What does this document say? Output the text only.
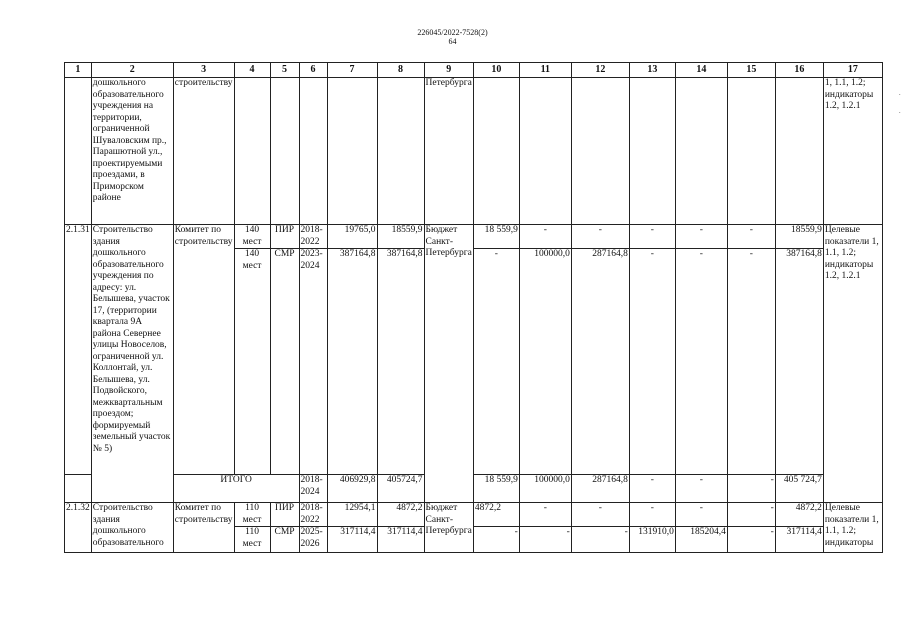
226045/2022-7528(2)
64
·
·
1	2	3	4	5	6	7	8	9	10	11	12	13	14	15	16	17
	дошкольного образовательного учреждения на территории, ограниченной Шуваловским пр., Парашютной ул., проектируемыми проездами, в Приморском районе	строительству						Петербурга								1, 1.1, 1.2; индикаторы 1.2, 1.2.1
2.1.31	Строительство здания дошкольного образовательного учреждения по адресу: ул. Белышева, участок 17, (территории квартала 9А района Севернее улицы Новоселов, ограниченной ул. Коллонтай, ул. Белышева, ул. Подвойского, межквартальным проездом; формируемый земельный участок № 5)	Комитет по строительству	140 мест	ПИР	2018-2022	19765,0	18559,9	Бюджет Санкт-Петербурга	18 559,9	-	-	-	-	-	18559,9	Целевые показатели 1, 1.1, 1.2; индикаторы 1.2, 1.2.1
			140 мест	СМР	2023-2024	387164,8	387164,8		-	100000,0	287164,8	-	-	-	387164,8	
		ИТОГО			2018-2024	406929,8	405724,7		18 559,9	100000,0	287164,8	-	-	-	405 724,7	
2.1.32	Строительство здания дошкольного образовательного	Комитет по строительству	110 мест	ПИР	2018-2022	12954,1	4872,2	Бюджет Санкт-Петербурга	4872,2	-	-	-	-	-	4872,2	Целевые показатели 1, 1.1, 1.2; индикаторы
			110 мест	СМР	2025-2026	317114,4	317114,4		-	-	-	131910,0	185204,4	-	317114,4	
